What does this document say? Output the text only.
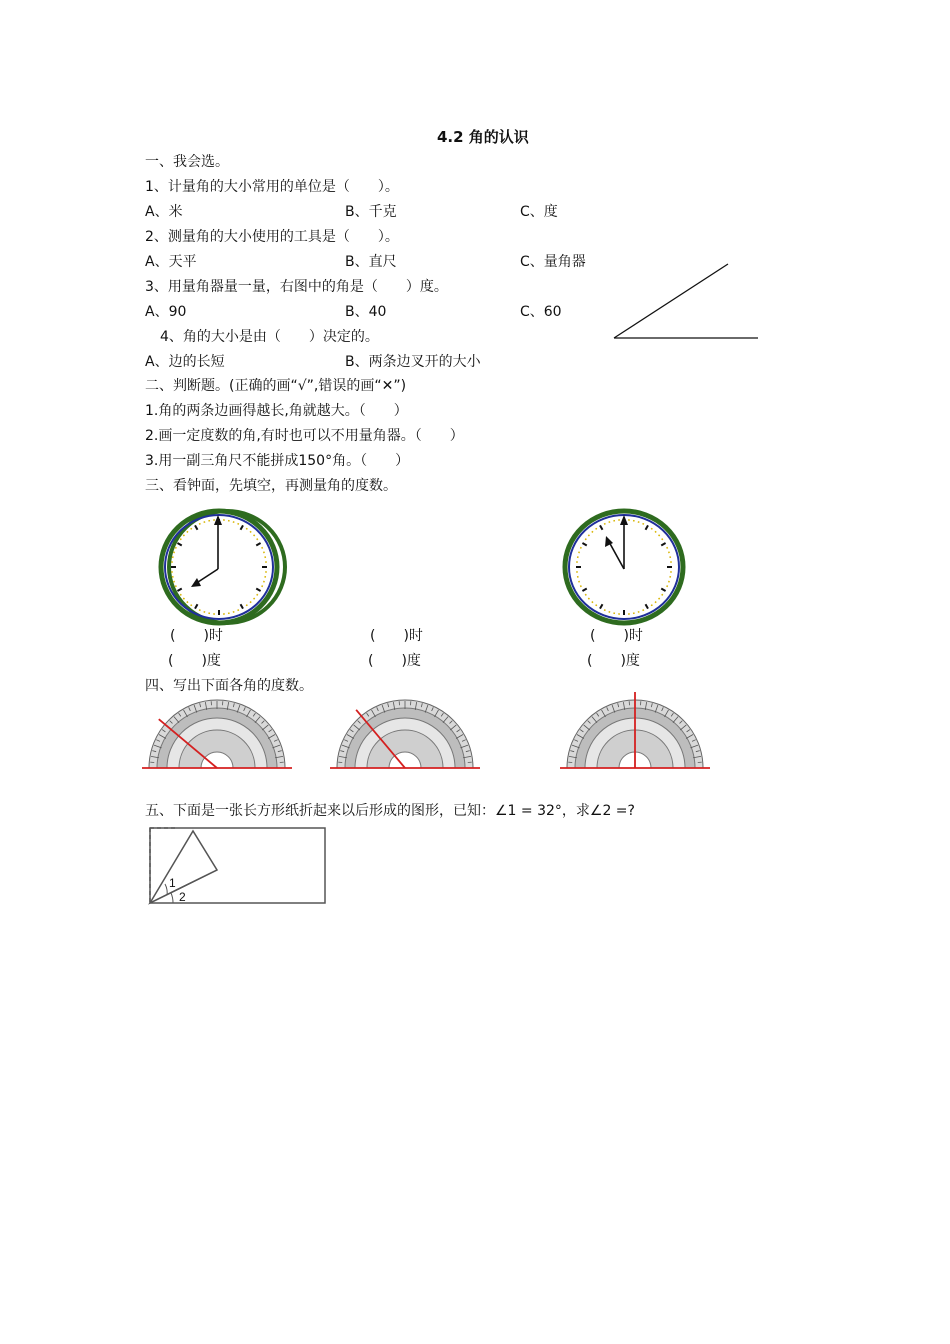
4.2 角的认识
一、我会选。
1、计量角的大小常用的单位是（　　）。
A、米	B、千克	C、度
2、测量角的大小使用的工具是（　　）。
A、天平	B、直尺	C、量角器
3、用量角器量一量，右图中的角是（　　）度。
A、90	B、40	C、60
4、角的大小是由（　　）决定的。
A、边的长短	B、两条边叉开的大小
二、判断题。(正确的画“√”,错误的画“✕”)
1.角的两条边画得越长,角就越大。（　　）
2.画一定度数的角,有时也可以不用量角器。（　　）
3.用一副三角尺不能拼成150°角。（　　）
三、看钟面，先填空，再测量角的度数。
(　　)时
(　　)度
(　　)时
(　　)度
(　　)时
(　　)度
四、写出下面各角的度数。
五、下面是一张长方形纸折起来以后形成的图形，已知：∠1 = 32°，求∠2 =?
1
2
